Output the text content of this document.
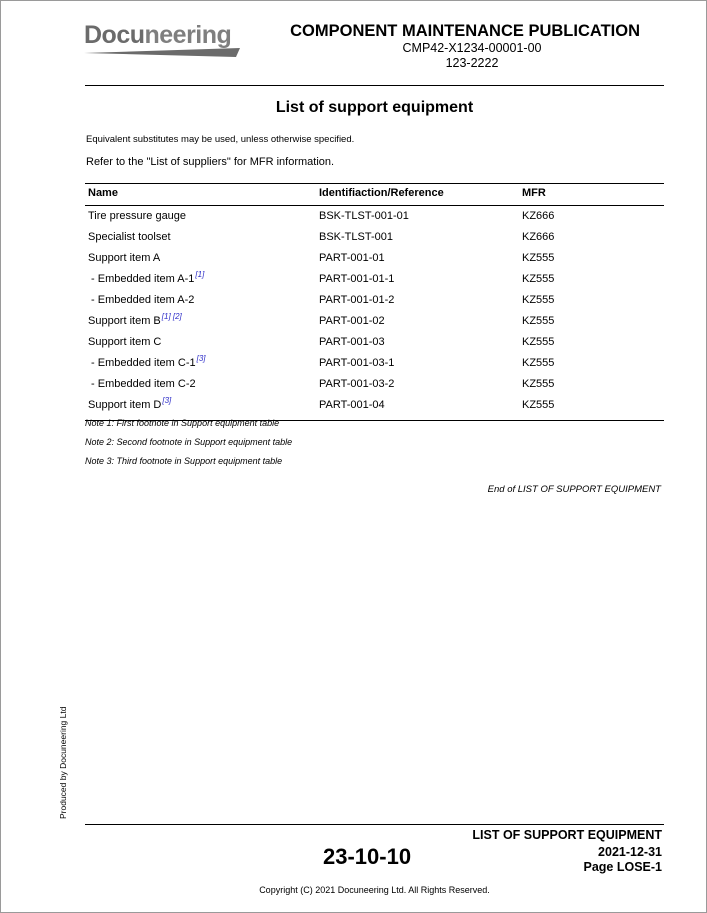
Docuneering	COMPONENT MAINTENANCE PUBLICATION
CMP42-X1234-00001-00
123-2222
List of support equipment
Equivalent substitutes may be used, unless otherwise specified.
Refer to the "List of suppliers" for MFR information.
Name	Identifiaction/Reference	MFR
Tire pressure gauge	BSK-TLST-001-01	KZ666
Specialist toolset	BSK-TLST-001	KZ666
Support item A	PART-001-01	KZ555
- Embedded item A-1[1]	PART-001-01-1	KZ555
- Embedded item A-2	PART-001-01-2	KZ555
Support item B[1] [2]	PART-001-02	KZ555
Support item C	PART-001-03	KZ555
- Embedded item C-1[3]	PART-001-03-1	KZ555
- Embedded item C-2	PART-001-03-2	KZ555
Support item D[3]	PART-001-04	KZ555
Note 1: First footnote in Support equipment table
Note 2: Second footnote in Support equipment table
Note 3: Third footnote in Support equipment table
End of LIST OF SUPPORT EQUIPMENT
Produced by Docuneering Ltd
LIST OF SUPPORT EQUIPMENT
23-10-10	2021-12-31
Page LOSE-1
Copyright (C) 2021 Docuneering Ltd. All Rights Reserved.
